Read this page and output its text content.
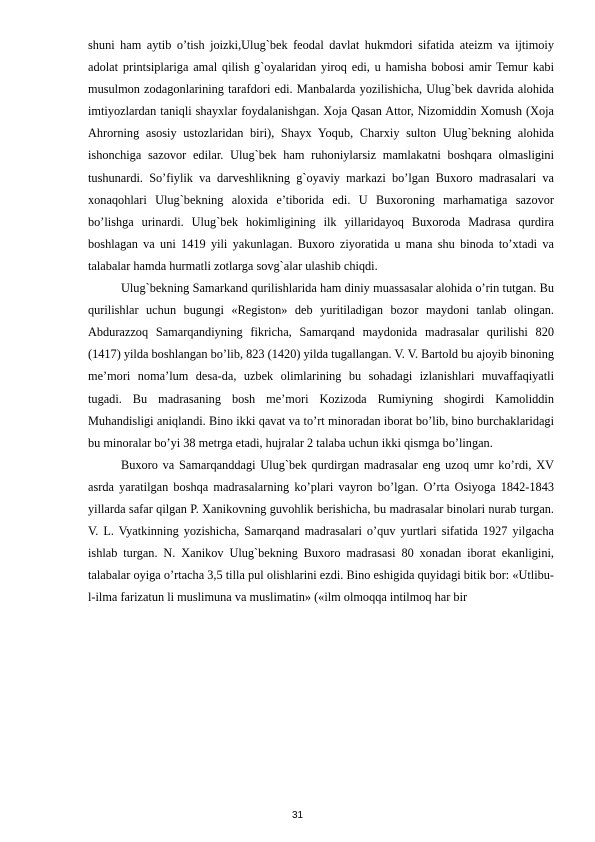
shuni ham aytib o’tish joizki,Ulug`bek feodal davlat hukmdori sifatida ateizm va ijtimoiy adolat printsiplariga amal qilish g`oyalaridan yiroq edi, u hamisha bobosi amir Temur kabi musulmon zodagonlarining tarafdori edi. Manbalarda yozilishicha, Ulug`bek davrida alohida imtiyozlardan taniqli shayxlar foydalanishgan. Xoja Qasan Attor, Nizomiddin Xomush (Xoja Ahrorning asosiy ustozlaridan biri), Shayx Yoqub, Charxiy sulton Ulug`bekning alohida ishonchiga sazovor edilar. Ulug`bek ham ruhoniylarsiz mamlakatni boshqara olmasligini tushunardi. So’fiylik va darveshlikning g`oyaviy markazi bo’lgan Buxoro madrasalari va xonaqohlari Ulug`bekning aloxida e’tiborida edi. U Buxoroning marhamatiga sazovor bo’lishga urinardi. Ulug`bek hokimligining ilk yillaridayoq Buxoroda Madrasa qurdira boshlagan va uni 1419 yili yakunlagan. Buxoro ziyoratida u mana shu binoda to’xtadi va talabalar hamda hurmatli zotlarga sovg`alar ulashib chiqdi.

Ulug`bekning Samarkand qurilishlarida ham diniy muassasalar alohida o’rin tutgan. Bu qurilishlar uchun bugungi «Registon» deb yuritiladigan bozor maydoni tanlab olingan. Abdurazzoq Samarqandiyning fikricha, Samarqand maydonida madrasalar qurilishi 820 (1417) yilda boshlangan bo’lib, 823 (1420) yilda tugallangan. V. V. Bartold bu ajoyib binoning me’mori noma’lum desa-da, uzbek olimlarining bu sohadagi izlanishlari muvaffaqiyatli tugadi. Bu madrasaning bosh me’mori Kozizoda Rumiyning shogirdi Kamoliddin Muhandisligi aniqlandi. Bino ikki qavat va to’rt minoradan iborat bo’lib, bino burchaklaridagi bu minoralar bo’yi 38 metrga etadi, hujralar 2 talaba uchun ikki qismga bo’lingan.

Buxoro va Samarqanddagi Ulug`bek qurdirgan madrasalar eng uzoq umr ko’rdi, XV asrda yaratilgan boshqa madrasalarning ko’plari vayron bo’lgan. O’rta Osiyoga 1842-1843 yillarda safar qilgan P. Xanikovning guvohlik berishicha, bu madrasalar binolari nurab turgan. V. L. Vyatkinning yozishicha, Samarqand madrasalari o’quv yurtlari sifatida 1927 yilgacha ishlab turgan. N. Xanikov Ulug`bekning Buxoro madrasasi 80 xonadan iborat ekanligini, talabalar oyiga o’rtacha 3,5 tilla pul olishlarini ezdi. Bino eshigida quyidagi bitik bor: «Utlibu-l-ilma farizatun li muslimuna va muslimatin» («ilm olmoqqa intilmoq har bir

31
